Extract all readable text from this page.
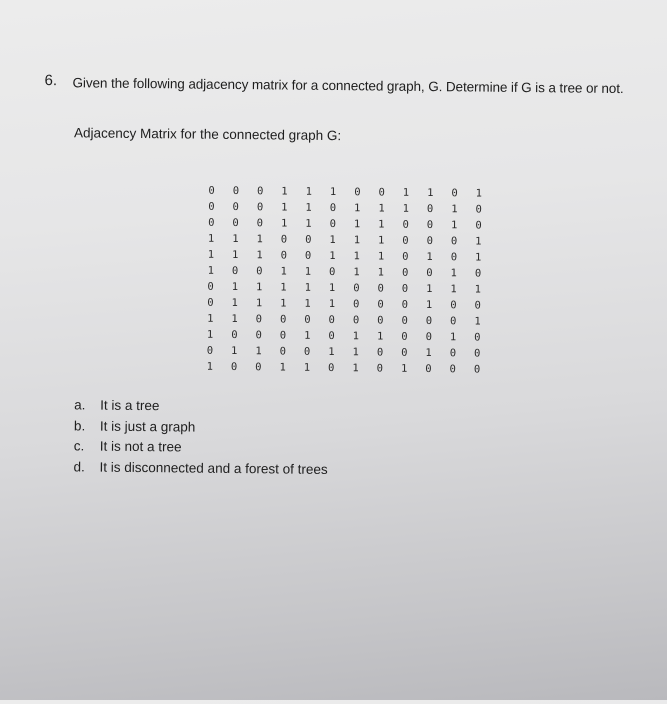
6. Given the following adjacency matrix for a connected graph, G. Determine if G is a tree or not.
Adjacency Matrix for the connected graph G:
0 0 0 1 1 1 0 0 1 1 0 1
0 0 0 1 1 0 1 1 1 0 1 0
0 0 0 1 1 0 1 1 0 0 1 0
1 1 1 0 0 1 1 1 0 0 0 1
1 1 1 0 0 1 1 1 0 1 0 1
1 0 0 1 1 0 1 1 0 0 1 0
0 1 1 1 1 1 0 0 0 1 1 1
0 1 1 1 1 1 0 0 0 1 0 0
1 1 0 0 0 0 0 0 0 0 0 1
1 0 0 0 1 0 1 1 0 0 1 0
0 1 1 0 0 1 1 0 0 1 0 0
1 0 0 1 1 0 1 0 1 0 0 0
a. It is a tree
b. It is just a graph
c. It is not a tree
d. It is disconnected and a forest of trees
